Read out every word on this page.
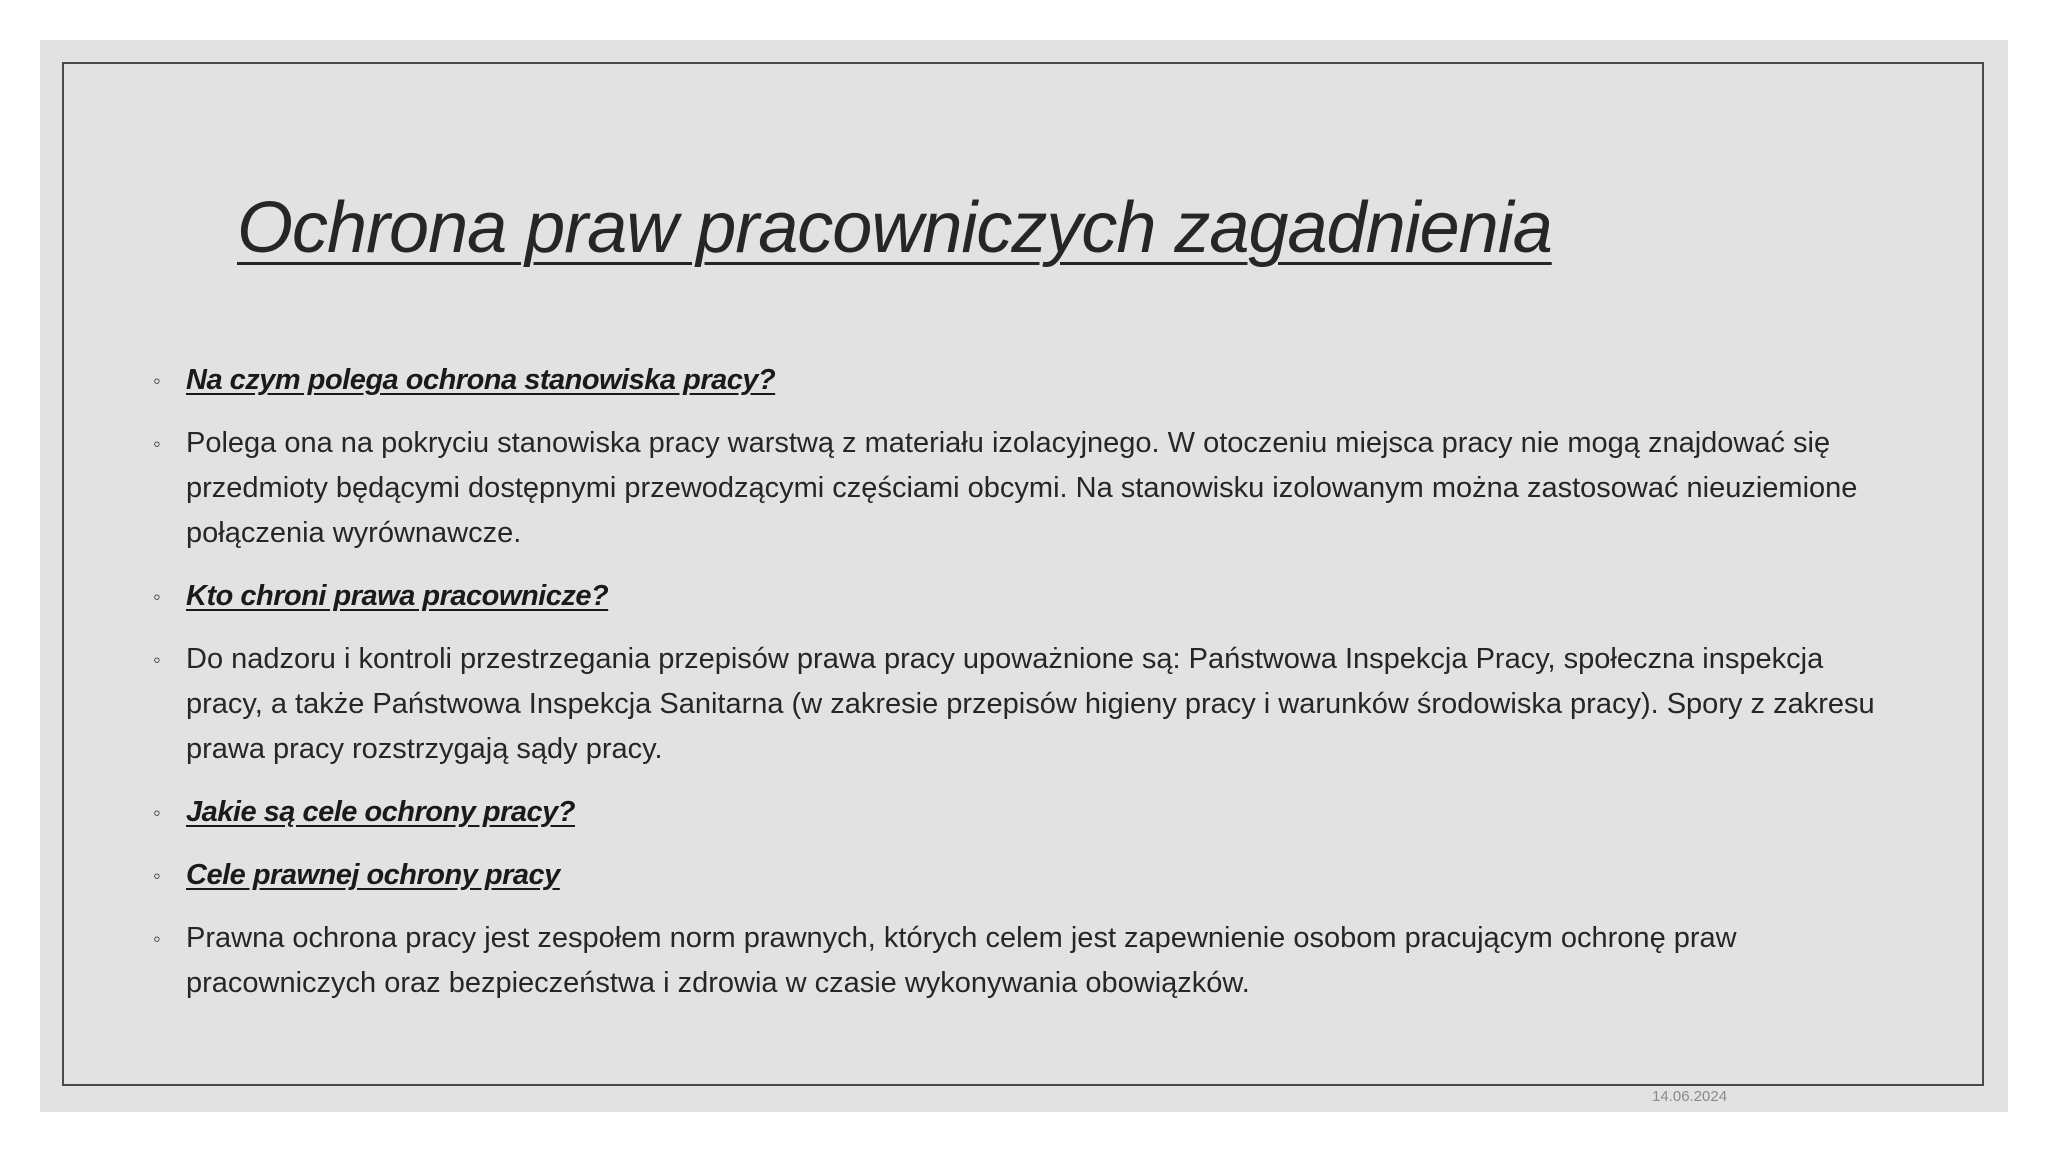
Ochrona praw pracowniczych zagadnienia
◦ Na czym polega ochrona stanowiska pracy?
◦ Polega ona na pokryciu stanowiska pracy warstwą z materiału izolacyjnego. W otoczeniu miejsca pracy nie mogą znajdować się przedmioty będącymi dostępnymi przewodzącymi częściami obcymi. Na stanowisku izolowanym można zastosować nieuziemione połączenia wyrównawcze.
◦ Kto chroni prawa pracownicze?
◦ Do nadzoru i kontroli przestrzegania przepisów prawa pracy upoważnione są: Państwowa Inspekcja Pracy, społeczna inspekcja pracy, a także Państwowa Inspekcja Sanitarna (w zakresie przepisów higieny pracy i warunków środowiska pracy). Spory z zakresu prawa pracy rozstrzygają sądy pracy.
◦ Jakie są cele ochrony pracy?
◦ Cele prawnej ochrony pracy
◦ Prawna ochrona pracy jest zespołem norm prawnych, których celem jest zapewnienie osobom pracującym ochronę praw pracowniczych oraz bezpieczeństwa i zdrowia w czasie wykonywania obowiązków.
14.06.2024
